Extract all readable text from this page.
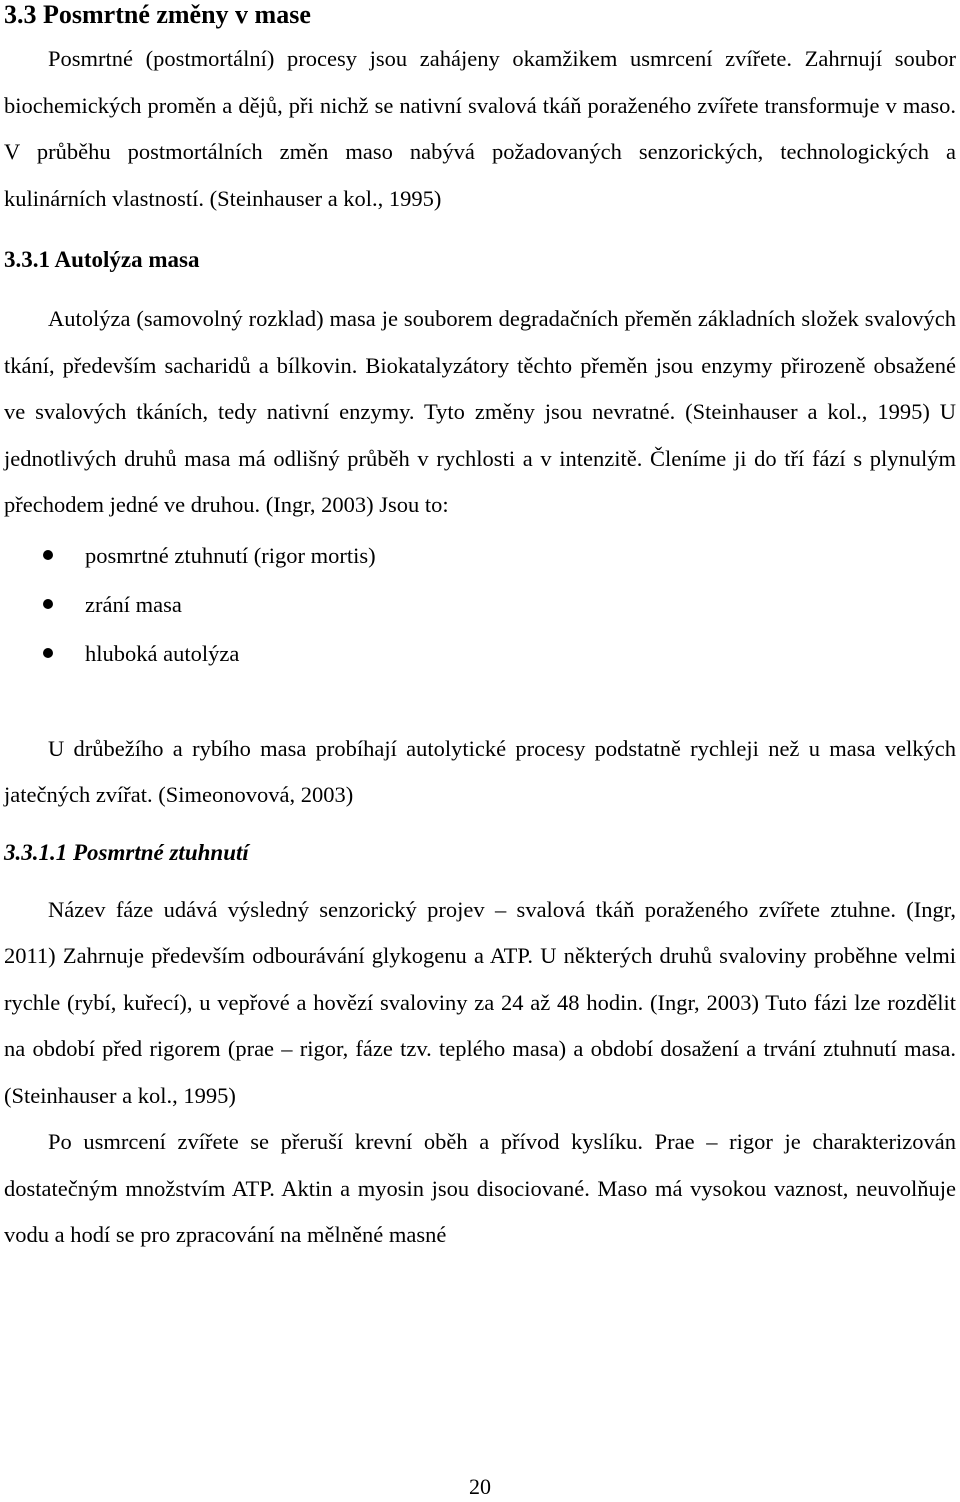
3.3 Posmrtné změny v mase

Posmrtné (postmortální) procesy jsou zahájeny okamžikem usmrcení zvířete. Zahrnují soubor biochemických proměn a dějů, při nichž se nativní svalová tkáň poraženého zvířete transformuje v maso. V průběhu postmortálních změn maso nabývá požadovaných senzorických, technologických a kulinárních vlastností. (Steinhauser a kol., 1995)

3.3.1 Autolýza masa

Autolýza (samovolný rozklad) masa je souborem degradačních přeměn základních složek svalových tkání, především sacharidů a bílkovin. Biokatalyzátory těchto přeměn jsou enzymy přirozeně obsažené ve svalových tkáních, tedy nativní enzymy. Tyto změny jsou nevratné. (Steinhauser a kol., 1995) U jednotlivých druhů masa má odlišný průběh v rychlosti a v intenzitě. Členíme ji do tří fází s plynulým přechodem jedné ve druhou. (Ingr, 2003) Jsou to:

posmrtné ztuhnutí (rigor mortis)
zrání masa
hluboká autolýza

U drůbežího a rybího masa probíhají autolytické procesy podstatně rychleji než u masa velkých jatečných zvířat. (Simeonovová, 2003)

3.3.1.1 Posmrtné ztuhnutí

Název fáze udává výsledný senzorický projev – svalová tkáň poraženého zvířete ztuhne. (Ingr, 2011) Zahrnuje především odbourávání glykogenu a ATP. U některých druhů svaloviny proběhne velmi rychle (rybí, kuřecí), u vepřové a hovězí svaloviny za 24 až 48 hodin. (Ingr, 2003) Tuto fázi lze rozdělit na období před rigorem (prae – rigor, fáze tzv. teplého masa) a období dosažení a trvání ztuhnutí masa. (Steinhauser a kol., 1995)

Po usmrcení zvířete se přeruší krevní oběh a přívod kyslíku. Prae – rigor je charakterizován dostatečným množstvím ATP. Aktin a myosin jsou disociované. Maso má vysokou vaznost, neuvolňuje vodu a hodí se pro zpracování na mělněné masné

20
